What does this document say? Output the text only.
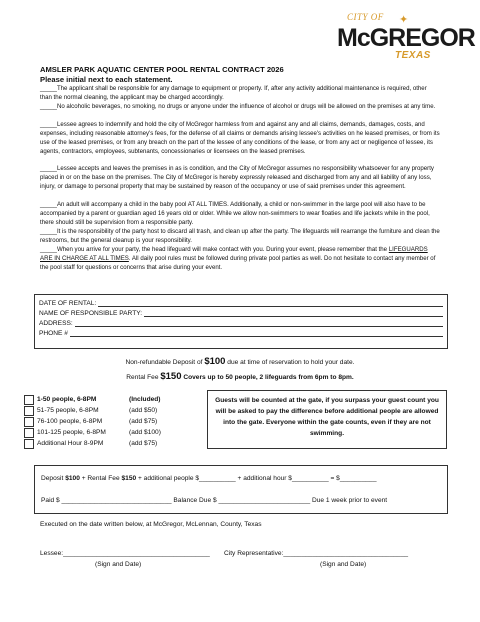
CITY OF ✦
McGREGOR
TEXAS
AMSLER PARK AQUATIC CENTER POOL RENTAL CONTRACT 2026
Please initial next to each statement.
_____The applicant shall be responsible for any damage to equipment or property. If, after any activity additional maintenance is required, other than the normal cleaning, the applicant may be charged accordingly.
_____No alcoholic beverages, no smoking, no drugs or anyone under the influence of alcohol or drugs will be allowed on the premises at any time.
_____Lessee agrees to indemnify and hold the city of McGregor harmless from and against any and all claims, demands, damages, costs, and expenses, including reasonable attorney's fees, for the defense of all claims or demands arising lessee's activities on he leased premises, or from its use of the leased premises, or from any breach on the part of the lessee of any conditions of the lease, or from any act or negligence of lessee, its agents, contractors, employees, subtenants, concessionaries or licensees on the leased premises.
_____Lessee accepts and leaves the premises in as is condition, and the City of McGregor assumes no responsibility whatsoever for any property placed in or on the base on the premises. The City of McGregor is hereby expressly released and discharged from any and all liability of any loss, injury, or damage to personal property that may be sustained by reason of the occupancy or use of said premises under this agreement.
_____An adult will accompany a child in the baby pool AT ALL TIMES. Additionally, a child or non-swimmer in the large pool will also have to be accompanied by a parent or guardian aged 16 years old or older. While we allow non-swimmers to wear floaties and life jackets while in the pool, there should still be supervision from a responsible party.
_____It is the responsibility of the party host to discard all trash, and clean up after the party. The lifeguards will rearrange the furniture and clean the restrooms, but the general cleanup is your responsibility.
_____When you arrive for your party, the head lifeguard will make contact with you. During your event, please remember that the LIFEGUARDS ARE IN CHARGE AT ALL TIMES. All daily pool rules must be followed during private pool parties as well. Do not hesitate to contact any member of the pool staff for questions or concerns that arise during your event.
DATE OF RENTAL:
NAME OF RESPONSIBLE PARTY:
ADDRESS:
PHONE #
Non-refundable Deposit of $100 due at time of reservation to hold your date.
Rental Fee $150 Covers up to 50 people, 2 lifeguards from 6pm to 8pm.
1-50 people, 6-8PM	(Included)
51-75 people, 6-8PM	(add $50)
76-100 people, 6-8PM	(add $75)
101-125 people, 6-8PM	(add $100)
Additional Hour 8-9PM	(add $75)
Guests will be counted at the gate, if you surpass your guest count you will be asked to pay the difference before additional people are allowed into the gate. Everyone within the gate counts, even if they are not swimming.
Deposit $100 + Rental Fee $150 + additional people $__________ + additional hour $__________ = $__________
Paid $ ______________________________ Balance Due $ _________________________ Due 1 week prior to event
Executed on the date written below, at McGregor, McLennan, County, Texas
Lessee:________________________________________ City Representative:__________________________________
(Sign and Date)	(Sign and Date)
